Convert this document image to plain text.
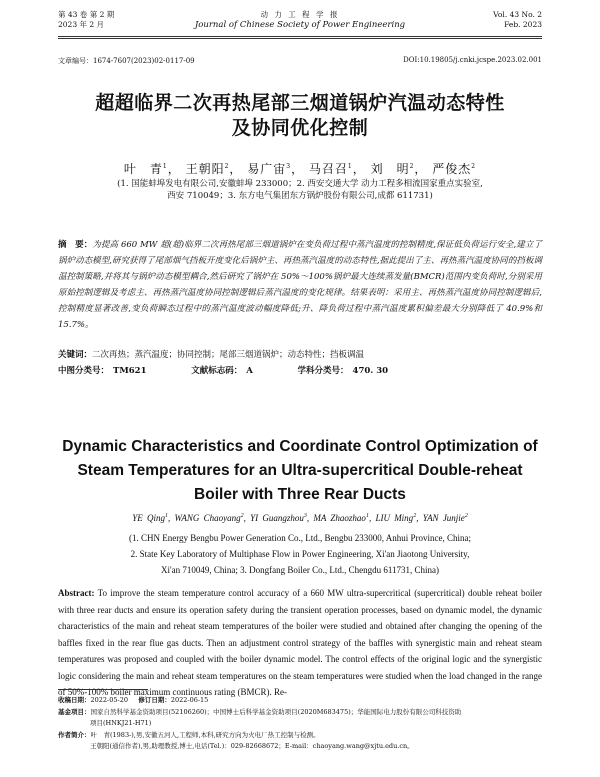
第 43 卷 第 2 期
2023 年 2 月
动 力 工 程 学 报
Journal of Chinese Society of Power Engineering
Vol. 43 No. 2
Feb. 2023
文章编号：1674-7607(2023)02-0117-09	DOI:10.19805/j.cnki.jcspe.2023.02.001
超超临界二次再热尾部三烟道锅炉汽温动态特性
及协同优化控制
叶　青$^1$， 王朝阳$^2$， 易广宙$^3$， 马召召$^1$， 刘　明$^2$， 严俊杰$^2$
(1. 国能蚌埠发电有限公司,安徽蚌埠 233000；2. 西安交通大学 动力工程多相流国家重点实验室,
西安 710049；3. 东方电气集团东方锅炉股份有限公司,成都 611731)
摘　要：为提高 660 MW 超(超)临界二次再热尾部三烟道锅炉在变负荷过程中蒸汽温度的控制精度,保证低负荷运行安全,建立了锅炉动态模型,研究获得了尾部烟气挡板开度变化后锅炉主、再热蒸汽温度的动态特性,据此提出了主、再热蒸汽温度协同的挡板调温控制策略,并将其与锅炉动态模型耦合,然后研究了锅炉在 50%～100%锅炉最大连续蒸发量(BMCR)范围内变负荷时,分别采用原始控制逻辑及考虑主、再热蒸汽温度协同控制逻辑后蒸汽温度的变化规律。结果表明：采用主、再热蒸汽温度协同控制逻辑后,控制精度显著改善,变负荷瞬态过程中的蒸汽温度波动幅度降低;升、降负荷过程中蒸汽温度累积偏差最大分别降低了 40.9%和 15.7%。
关键词：二次再热；蒸汽温度；协同控制；尾部三烟道锅炉；动态特性；挡板调温
中图分类号： TM621	文献标志码： A	学科分类号： 470. 30
Dynamic Characteristics and Coordinate Control Optimization of
Steam Temperatures for an Ultra-supercritical Double-reheat
Boiler with Three Rear Ducts
YE Qing$^1$, WANG Chaoyang$^2$, YI Guangzhou$^3$, MA Zhaozhao$^1$, LIU Ming$^2$, YAN Junjie$^2$
(1. CHN Energy Bengbu Power Generation Co., Ltd., Bengbu 233000, Anhui Province, China;
2. State Key Laboratory of Multiphase Flow in Power Engineering, Xi'an Jiaotong University,
Xi'an 710049, China; 3. Dongfang Boiler Co., Ltd., Chengdu 611731, China)
Abstract: To improve the steam temperature control accuracy of a 660 MW ultra-supercritical (supercritical) double reheat boiler with three rear ducts and ensure its operation safety during the transient operation processes, based on dynamic model, the dynamic characteristics of the main and reheat steam temperatures of the boiler were studied and obtained after changing the opening of the baffles fixed in the rear flue gas ducts. Then an adjustment control strategy of the baffles with synergistic main and reheat steam temperatures was proposed and coupled with the boiler dynamic model. The control effects of the original logic and the synergistic logic considering the main and reheat steam temperatures on the steam temperatures were studied when the load changed in the range of 50%-100% boiler maximum continuous rating (BMCR). Re-
收稿日期：2022-05-20 修订日期：2022-06-15
基金项目：国家自然科学基金资助项目(52106260)；中国博士后科学基金资助项目(2020M683475)；华能国际电力股份有限公司科技资助
项目(HNKJ21-H71)
作者简介：叶　青(1983-),男,安徽五河人,工程师,本科,研究方向为火电厂热工控制与检测。
王朝阳(通信作者),男,助理教授,博士,电话(Tel.)：029-82668672；E-mail：chaoyang.wang@xjtu.edu.cn。
